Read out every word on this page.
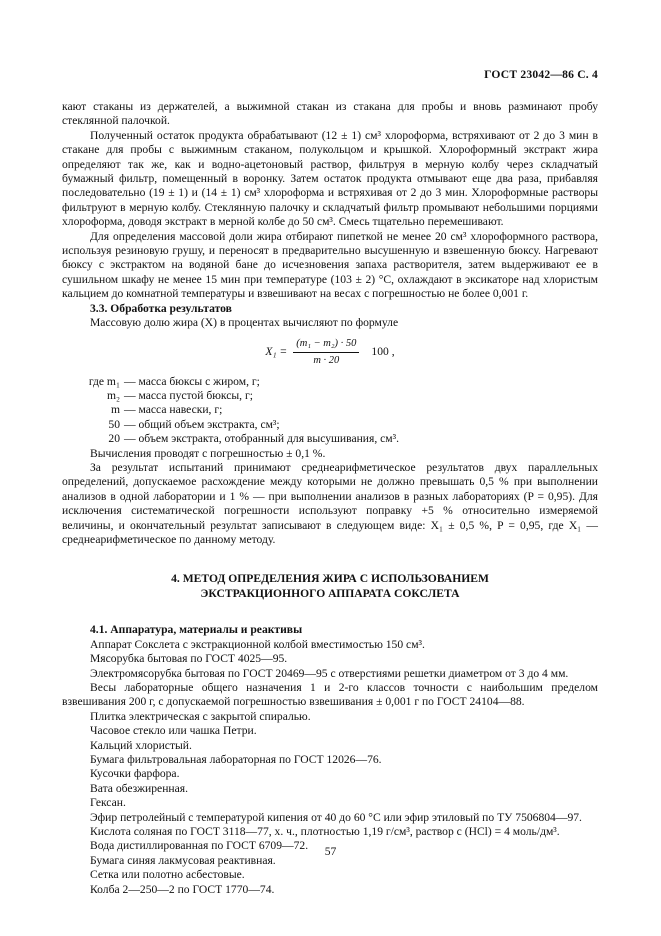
ГОСТ 23042—86 С. 4

кают стаканы из держателей, а выжимной стакан из стакана для пробы и вновь разминают пробу стеклянной палочкой.

Полученный остаток продукта обрабатывают (12 ± 1) см³ хлороформа, встряхивают от 2 до 3 мин в стакане для пробы с выжимным стаканом, полукольцом и крышкой. Хлороформный экстракт жира определяют так же, как и водно-ацетоновый раствор, фильтруя в мерную колбу через складчатый бумажный фильтр, помещенный в воронку. Затем остаток продукта отмывают еще два раза, прибавляя последовательно (19 ± 1) и (14 ± 1) см³ хлороформа и встряхивая от 2 до 3 мин. Хлороформные растворы фильтруют в мерную колбу. Стеклянную палочку и складчатый фильтр промывают небольшими порциями хлороформа, доводя экстракт в мерной колбе до 50 см³. Смесь тщательно перемешивают.

Для определения массовой доли жира отбирают пипеткой не менее 20 см³ хлороформного раствора, используя резиновую грушу, и переносят в предварительно высушенную и взвешенную бюксу. Нагревают бюксу с экстрактом на водяной бане до исчезновения запаха растворителя, затем выдерживают ее в сушильном шкафу не менее 15 мин при температуре (103 ± 2) °С, охлаждают в эксикаторе над хлористым кальцием до комнатной температуры и взвешивают на весах с погрешностью не более 0,001 г.

3.3. Обработка результатов

Массовую долю жира (X) в процентах вычисляют по формуле

$X_1 = \frac{\text{(m₁ − m₂) · 50}}{m \cdot 20} 100$ ,
где m₁ — масса бюксы с жиром, г;
m₂ — масса пустой бюксы, г;
m — масса навески, г;
50 — общий объем экстракта, см³;
20 — объем экстракта, отобранный для высушивания, см³.

Вычисления проводят с погрешностью ± 0,1 %.

За результат испытаний принимают среднеарифметическое результатов двух параллельных определений, допускаемое расхождение между которыми не должно превышать 0,5 % при выполнении анализов в одной лаборатории и 1 % — при выполнении анализов в разных лабораториях (P = 0,95). Для исключения систематической погрешности используют поправку +5 % относительно измеряемой величины, и окончательный результат записывают в следующем виде: X₁ ± 0,5 %, P = 0,95, где X₁ — среднеарифметическое по данному методу.

4. МЕТОД ОПРЕДЕЛЕНИЯ ЖИРА С ИСПОЛЬЗОВАНИЕМ
ЭКСТРАКЦИОННОГО АППАРАТА СОКСЛЕТА

4.1. Аппаратура, материалы и реактивы

Аппарат Сокслета с экстракционной колбой вместимостью 150 см³.

Мясорубка бытовая по ГОСТ 4025—95.

Электромясорубка бытовая по ГОСТ 20469—95 с отверстиями решетки диаметром от 3 до 4 мм.

Весы лабораторные общего назначения 1 и 2-го классов точности с наибольшим пределом взвешивания 200 г, с допускаемой погрешностью взвешивания ± 0,001 г по ГОСТ 24104—88.

Плитка электрическая с закрытой спиралью.

Часовое стекло или чашка Петри.

Кальций хлористый.

Бумага фильтровальная лабораторная по ГОСТ 12026—76.

Кусочки фарфора.

Вата обезжиренная.

Гексан.

Эфир петролейный с температурой кипения от 40 до 60 °С или эфир этиловый по ТУ 7506804—97.

Кислота соляная по ГОСТ 3118—77, х. ч., плотностью 1,19 г/см³, раствор c (HCl) = 4 моль/дм³.

Вода дистиллированная по ГОСТ 6709—72.

Бумага синяя лакмусовая реактивная.

Сетка или полотно асбестовые.

Колба 2—250—2 по ГОСТ 1770—74.

57
